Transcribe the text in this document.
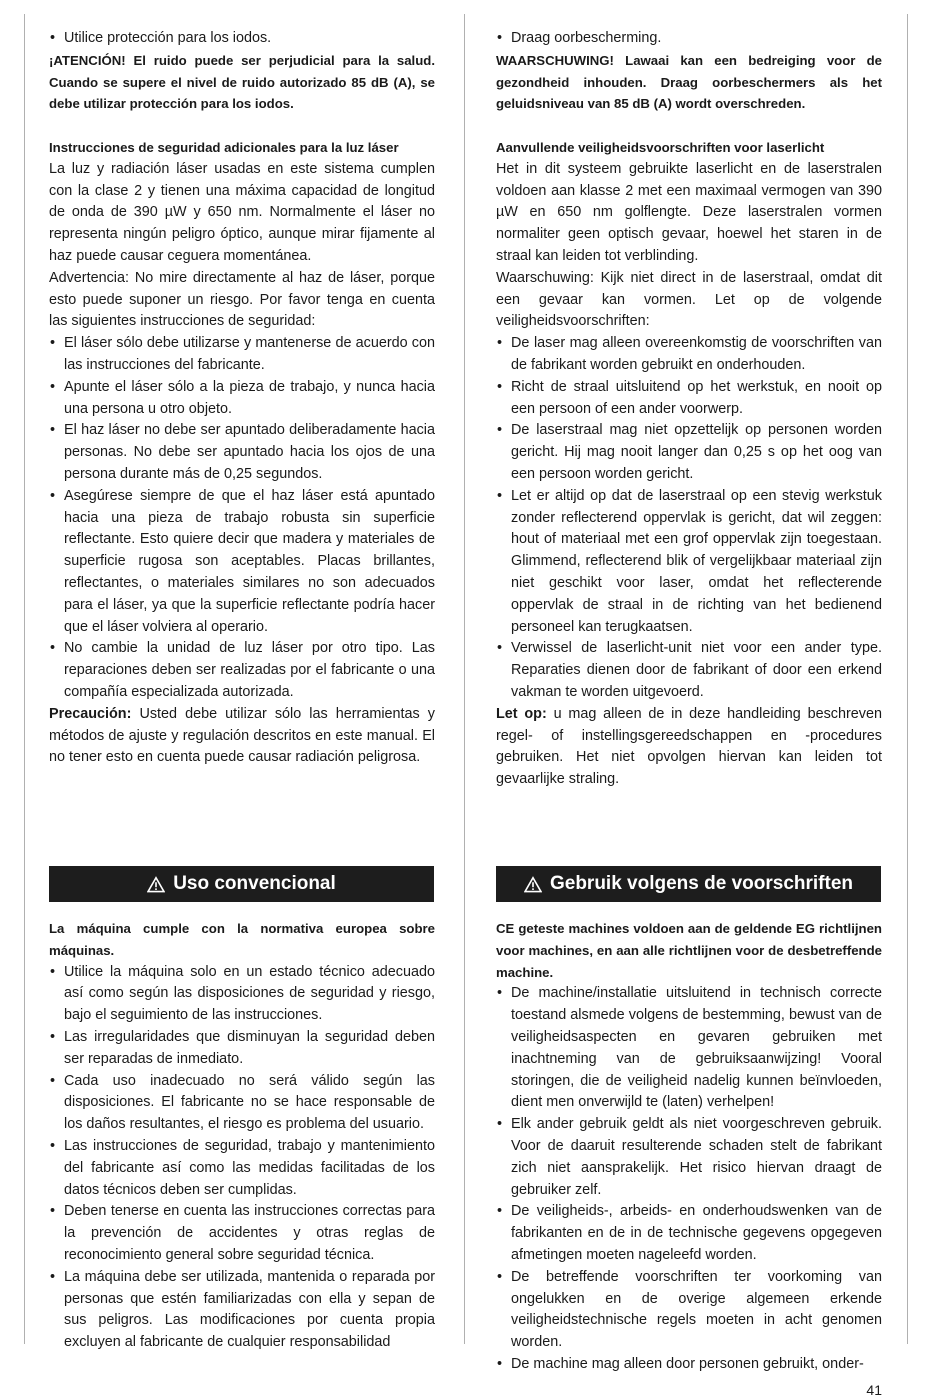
• Utilice protección para los iodos.

¡ATENCIÓN! El ruido puede ser perjudicial para la salud. Cuando se supere el nivel de ruido autorizado 85 dB (A), se debe utilizar protección para los iodos.

Instrucciones de seguridad adicionales para la luz láser

La luz y radiación láser usadas en este sistema cumplen con la clase 2 y tienen una máxima capacidad de longitud de onda de 390 µW y 650 nm. Normalmente el láser no representa ningún peligro óptico, aunque mirar fijamente al haz puede causar ceguera momentánea.

Advertencia: No mire directamente al haz de láser, porque esto puede suponer un riesgo. Por favor tenga en cuenta las siguientes instrucciones de seguridad:

• El láser sólo debe utilizarse y mantenerse de acuerdo con las instrucciones del fabricante.
• Apunte el láser sólo a la pieza de trabajo, y nunca hacia una persona u otro objeto.
• El haz láser no debe ser apuntado deliberadamente hacia personas. No debe ser apuntado hacia los ojos de una persona durante más de 0,25 segundos.
• Asegúrese siempre de que el haz láser está apuntado hacia una pieza de trabajo robusta sin superficie reflectante. Esto quiere decir que madera y materiales de superficie rugosa son aceptables. Placas brillantes, reflectantes, o materiales similares no son adecuados para el láser, ya que la superficie reflectante podría hacer que el láser volviera al operario.
• No cambie la unidad de luz láser por otro tipo. Las reparaciones deben ser realizadas por el fabricante o una compañía especializada autorizada.

Precaución: Usted debe utilizar sólo las herramientas y métodos de ajuste y regulación descritos en este manual. El no tener esto en cuenta puede causar radiación peligrosa.

• Draag oorbescherming.

WAARSCHUWING! Lawaai kan een bedreiging voor de gezondheid inhouden. Draag oorbeschermers als het geluidsniveau van 85 dB (A) wordt overschreden.

Aanvullende veiligheidsvoorschriften voor laserlicht

Het in dit systeem gebruikte laserlicht en de laserstralen voldoen aan klasse 2 met een maximaal vermogen van 390 µW en 650 nm golflengte. Deze laserstralen vormen normaliter geen optisch gevaar, hoewel het staren in de straal kan leiden tot verblinding.

Waarschuwing: Kijk niet direct in de laserstraal, omdat dit een gevaar kan vormen. Let op de volgende veiligheidsvoorschriften:

• De laser mag alleen overeenkomstig de voorschriften van de fabrikant worden gebruikt en onderhouden.
• Richt de straal uitsluitend op het werkstuk, en nooit op een persoon of een ander voorwerp.
• De laserstraal mag niet opzettelijk op personen worden gericht. Hij mag nooit langer dan 0,25 s op het oog van een persoon worden gericht.
• Let er altijd op dat de laserstraal op een stevig werkstuk zonder reflecterend oppervlak is gericht, dat wil zeggen: hout of materiaal met een grof oppervlak zijn toegestaan. Glimmend, reflecterend blik of vergelijkbaar materiaal zijn niet geschikt voor laser, omdat het reflecterende oppervlak de straal in de richting van het bedienend personeel kan terugkaatsen.
• Verwissel de laserlicht-unit niet voor een ander type. Reparaties dienen door de fabrikant of door een erkend vakman te worden uitgevoerd.

Let op: u mag alleen de in deze handleiding beschreven regel- of instellingsgereedschappen en -procedures gebruiken. Het niet opvolgen hiervan kan leiden tot gevaarlijke straling.

Uso convencional	Gebruik volgens de voorschriften

La máquina cumple con la normativa europea sobre máquinas.

• Utilice la máquina solo en un estado técnico adecuado así como según las disposiciones de seguridad y riesgo, bajo el seguimiento de las instrucciones.
• Las irregularidades que disminuyan la seguridad deben ser reparadas de inmediato.
• Cada uso inadecuado no será válido según las disposiciones. El fabricante no se hace responsable de los daños resultantes, el riesgo es problema del usuario.
• Las instrucciones de seguridad, trabajo y mantenimiento del fabricante así como las medidas facilitadas de los datos técnicos deben ser cumplidas.
• Deben tenerse en cuenta las instrucciones correctas para la prevención de accidentes y otras reglas de reconocimiento general sobre seguridad técnica.
• La máquina debe ser utilizada, mantenida o reparada por personas que estén familiarizadas con ella y sepan de sus peligros. Las modificaciones por cuenta propia excluyen al fabricante de cualquier responsabilidad

CE geteste machines voldoen aan de geldende EG richtlijnen voor machines, en aan alle richtlijnen voor de desbetreffende machine.

• De machine/installatie uitsluitend in technisch correcte toestand alsmede volgens de bestemming, bewust van de veiligheidsaspecten en gevaren gebruiken met inachtneming van de gebruiksaanwijzing! Vooral storingen, die de veiligheid nadelig kunnen beïnvloeden, dient men onverwijld te (laten) verhelpen!
• Elk ander gebruik geldt als niet voorgeschreven gebruik. Voor de daaruit resulterende schaden stelt de fabrikant zich niet aansprakelijk. Het risico hiervan draagt de gebruiker zelf.
• De veiligheids-, arbeids- en onderhoudswenken van de fabrikanten en de in de technische gegevens opgegeven afmetingen moeten nageleefd worden.
• De betreffende voorschriften ter voorkoming van ongelukken en de overige algemeen erkende veiligheidstechnische regels moeten in acht genomen worden.
• De machine mag alleen door personen gebruikt, onder-
41
